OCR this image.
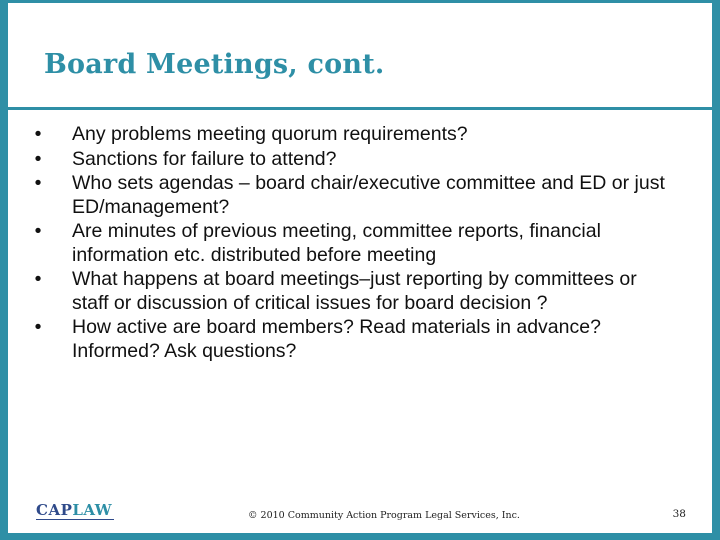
Board Meetings, cont.
•	Any problems meeting quorum requirements?
•	Sanctions for failure to attend?
•	Who sets agendas – board chair/executive committee and ED or just ED/management?
•	Are minutes of previous meeting, committee reports, financial information etc. distributed before meeting
•	What happens at board meetings–just reporting by committees or staff or discussion of critical issues for board decision ?
•	How active are board members? Read materials in advance? Informed? Ask questions?
CAPLAW	© 2010 Community Action Program Legal Services, Inc.	38
